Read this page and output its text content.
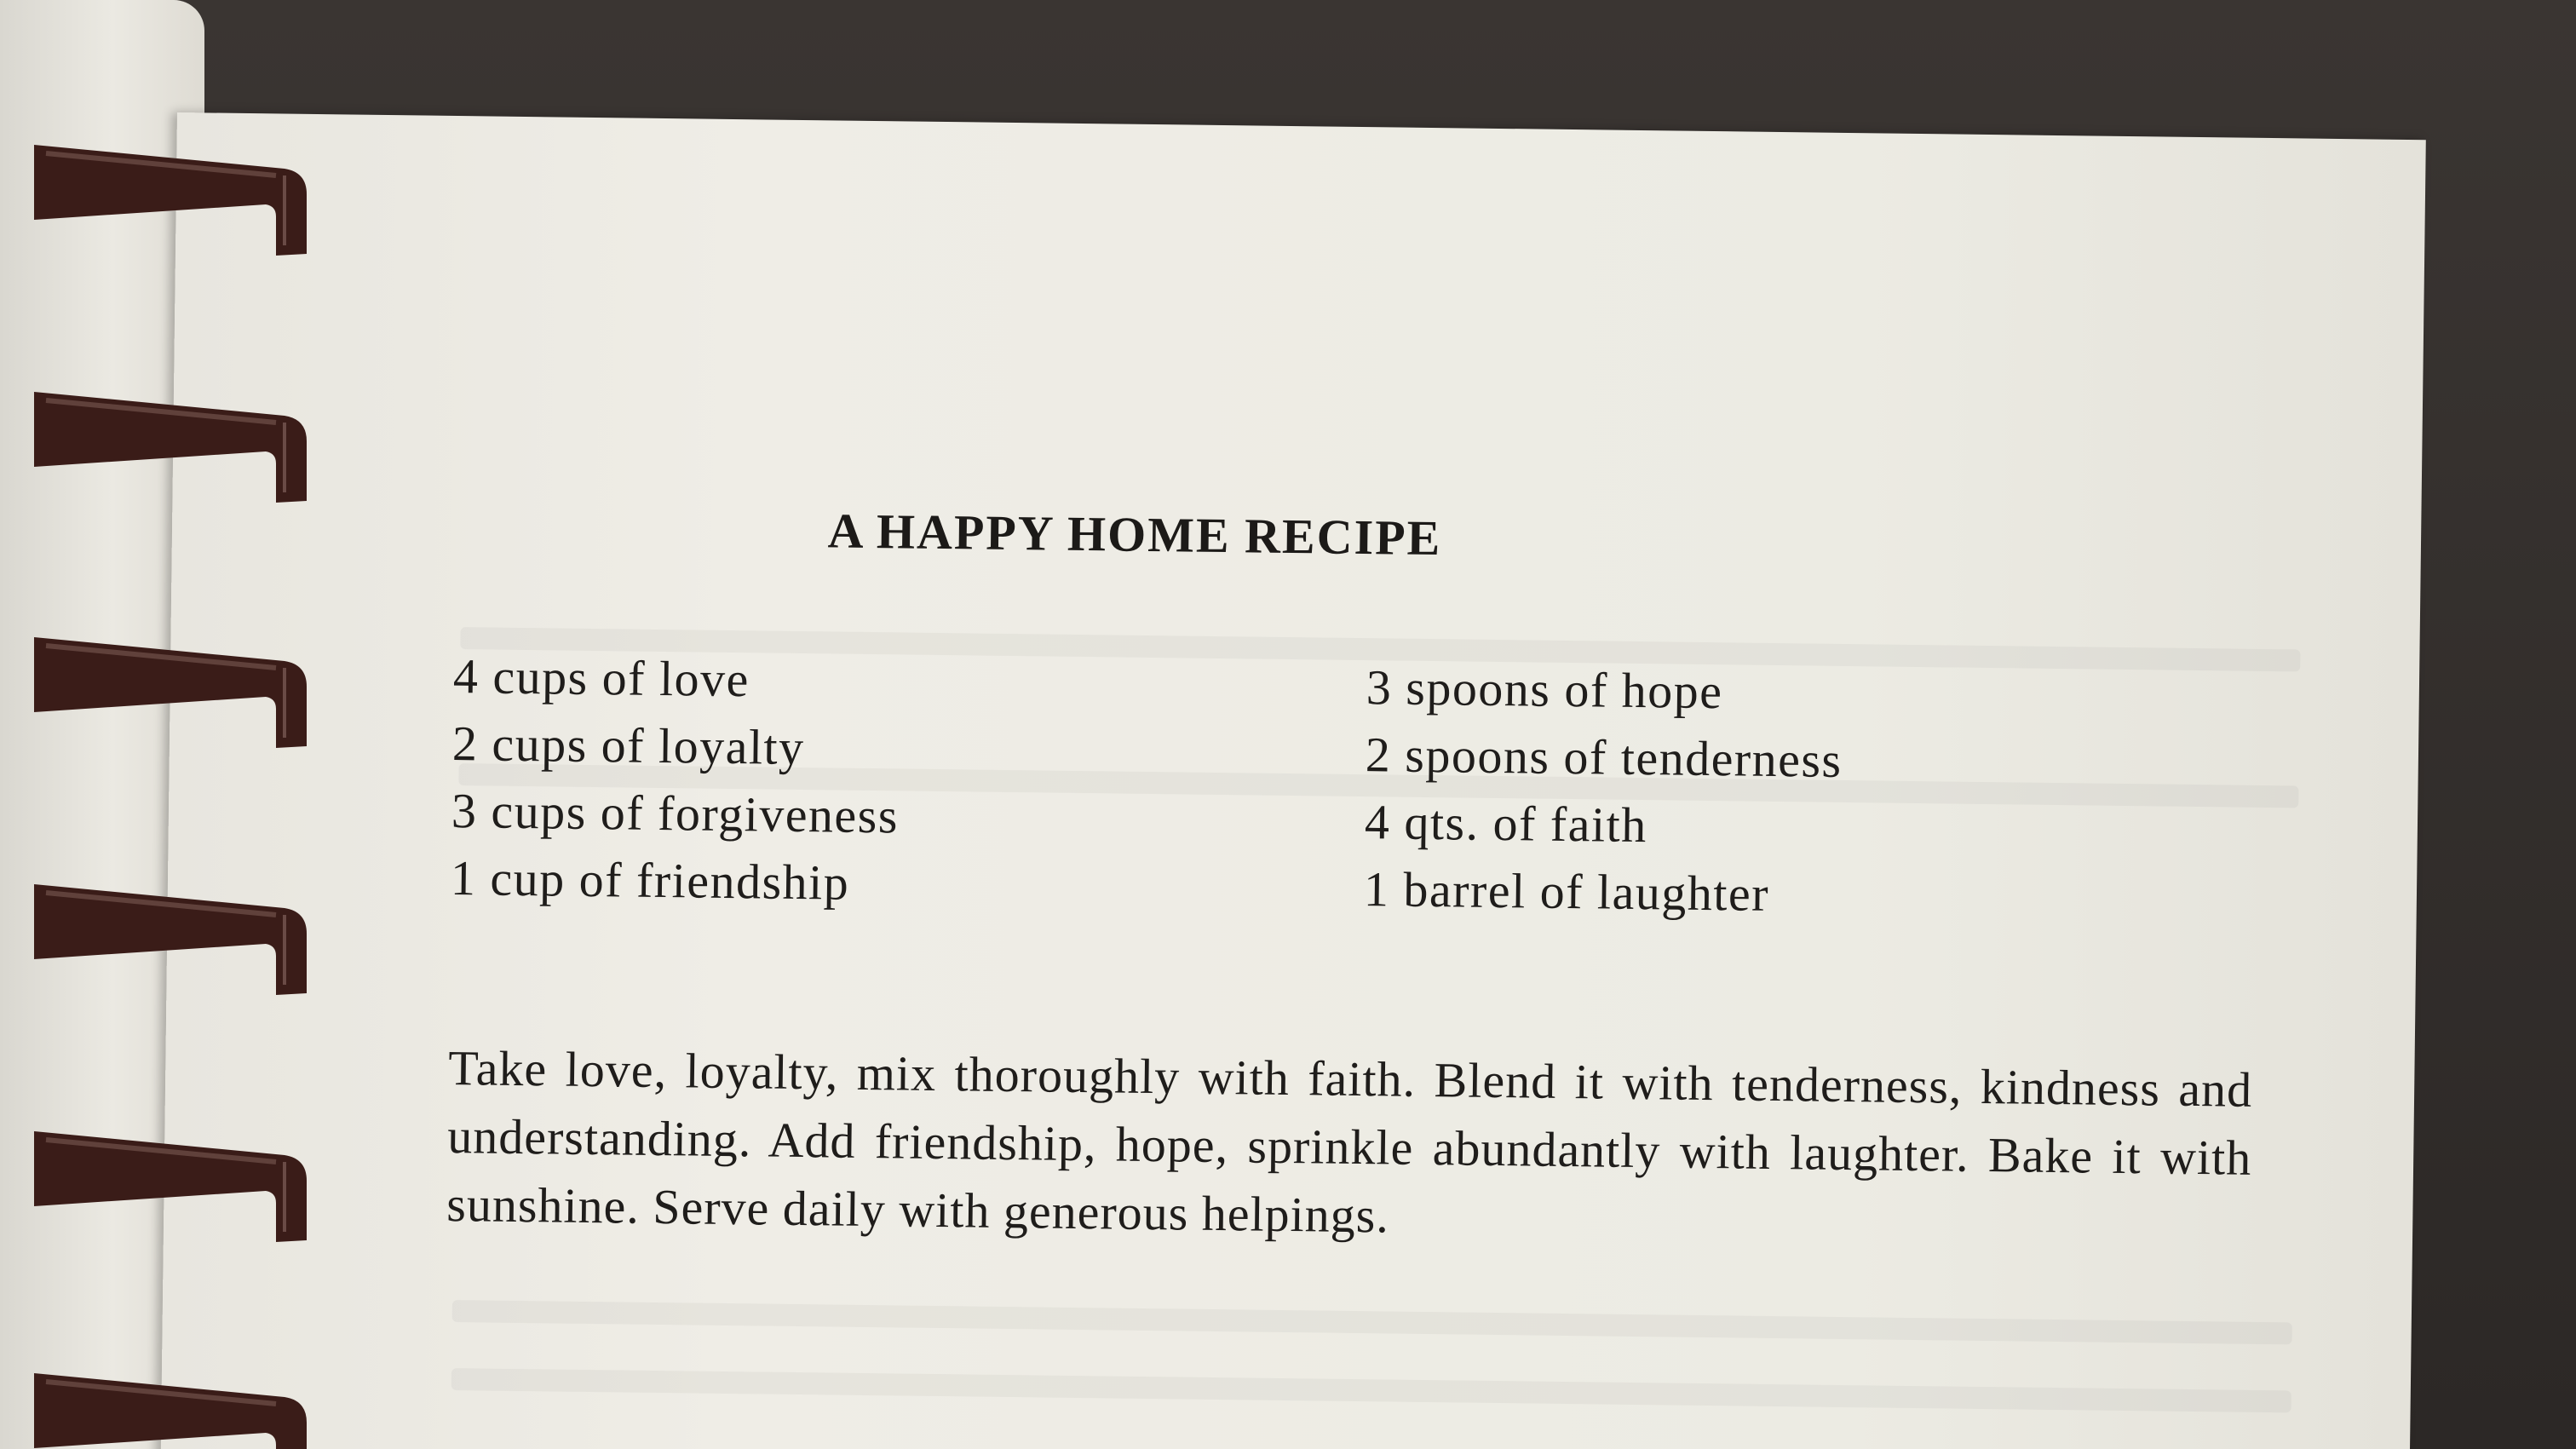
A HAPPY HOME RECIPE
4 cups of love
2 cups of loyalty
3 cups of forgiveness
1 cup of friendship
3 spoons of hope
2 spoons of tenderness
4 qts. of faith
1 barrel of laughter

Take love, loyalty, mix thoroughly with faith. Blend it with tenderness, kindness and understanding. Add friendship, hope, sprinkle abundantly with laughter. Bake it with sunshine. Serve daily with generous helpings.
